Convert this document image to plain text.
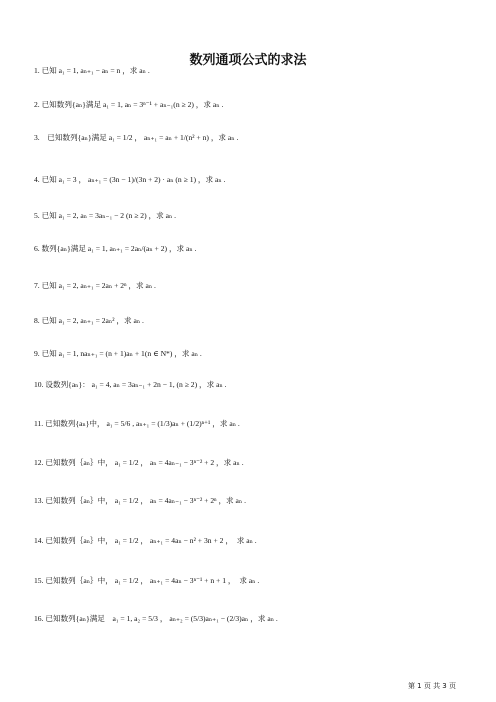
数列通项公式的求法
1. 已知 a₁ = 1, aₙ₊₁ − aₙ = n ，求 aₙ .
2. 已知数列{aₙ}满足 a₁ = 1, aₙ = 3ⁿ⁻¹ + aₙ₋₁(n ≥ 2) ，求 aₙ .
3.　已知数列{aₙ}满足 a₁ = 1/2 ， aₙ₊₁ = aₙ + 1/(n² + n) ，求 aₙ .
4. 已知 a₁ = 3 ， aₙ₊₁ = (3n − 1)/(3n + 2) · aₙ (n ≥ 1) ，求 aₙ .
5. 已知 a₁ = 2, aₙ = 3aₙ₋₁ − 2 (n ≥ 2) ，求 aₙ .
6. 数列{aₙ}满足 a₁ = 1, aₙ₊₁ = 2aₙ/(aₙ + 2) ，求 aₙ .
7. 已知 a₁ = 2, aₙ₊₁ = 2aₙ + 2ⁿ ，求 aₙ .
8. 已知 a₁ = 2, aₙ₊₁ = 2aₙ² ，求 aₙ .
9. 已知 a₁ = 1, naₙ₊₁ = (n + 1)aₙ + 1(n ∈ N*) ，求 aₙ .
10. 设数列{aₙ}： a₁ = 4, aₙ = 3aₙ₋₁ + 2n − 1, (n ≥ 2) ，求 aₙ .
11. 已知数列{aₙ}中， a₁ = 5/6 , aₙ₊₁ = (1/3)aₙ + (1/2)ⁿ⁺¹ ，求 aₙ .
12. 已知数列｛aₙ｝中， a₁ = 1/2 ， aₙ = 4aₙ₋₁ − 3ⁿ⁻² + 2 ，求 aₙ .
13. 已知数列｛aₙ｝中， a₁ = 1/2 ， aₙ = 4aₙ₋₁ − 3ⁿ⁻² + 2ⁿ ，求 aₙ .
14. 已知数列｛aₙ｝中， a₁ = 1/2 ， aₙ₊₁ = 4aₙ − n² + 3n + 2 ，　求 aₙ .
15. 已知数列｛aₙ｝中， a₁ = 1/2 ， aₙ₊₁ = 4aₙ − 3ⁿ⁻¹ + n + 1 ，　求 aₙ .
16. 已知数列{aₙ}满足　a₁ = 1, a₂ = 5/3 ， aₙ₊₂ = (5/3)aₙ₊₁ − (2/3)aₙ ，求 aₙ .
第 1 页 共 3 页
